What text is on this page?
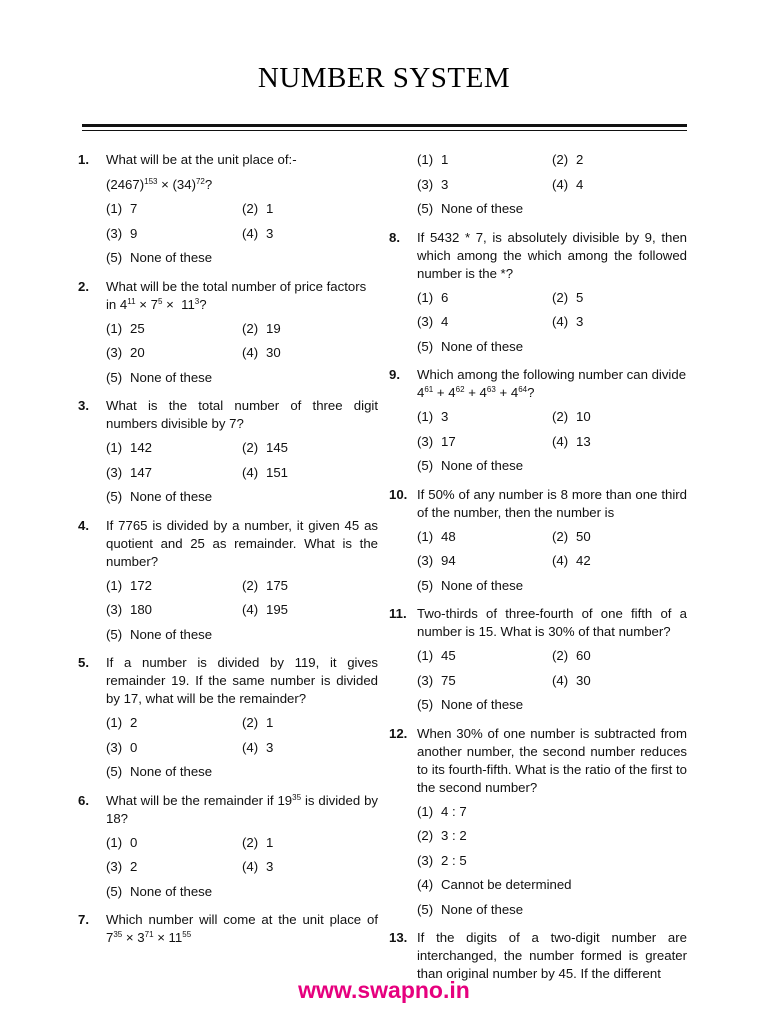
NUMBER SYSTEM
1. What will be at the unit place of:-
$(2467)^{153} \times (34)^{72}$?
(1) 7	(2) 1
(3) 9	(4) 3
(5) None of these
2. What will be the total number of price factors in $4^{11} \times 7^5 \times 11^3$?
(1) 25	(2) 19
(3) 20	(4) 30
(5) None of these
3. What is the total number of three digit numbers divisible by 7?
(1) 142	(2) 145
(3) 147	(4) 151
(5) None of these
4. If 7765 is divided by a number, it given 45 as quotient and 25 as remainder. What is the number?
(1) 172	(2) 175
(3) 180	(4) 195
(5) None of these
5. If a number is divided by 119, it gives remainder 19. If the same number is divided by 17, what will be the remainder?
(1) 2	(2) 1
(3) 0	(4) 3
(5) None of these
6. What will be the remainder if $19^{35}$ is divided by 18?
(1) 0	(2) 1
(3) 2	(4) 3
(5) None of these
7. Which number will come at the unit place of $7^{35} \times 3^{71} \times 11^{55}$
(1) 1	(2) 2
(3) 3	(4) 4
(5) None of these
8. If 5432 * 7, is absolutely divisible by 9, then which among the which among the followed number is the *?
(1) 6	(2) 5
(3) 4	(4) 3
(5) None of these
9. Which among the following number can divide $4^{61} + 4^{62} + 4^{63} + 4^{64}$?
(1) 3	(2) 10
(3) 17	(4) 13
(5) None of these
10. If 50% of any number is 8 more than one third of the number, then the number is
(1) 48	(2) 50
(3) 94	(4) 42
(5) None of these
11. Two-thirds of three-fourth of one fifth of a number is 15. What is 30% of that number?
(1) 45	(2) 60
(3) 75	(4) 30
(5) None of these
12. When 30% of one number is subtracted from another number, the second number reduces to its fourth-fifth. What is the ratio of the first to the second number?
(1) 4 : 7
(2) 3 : 2
(3) 2 : 5
(4) Cannot be determined
(5) None of these
13. If the digits of a two-digit number are interchanged, the number formed is greater than original number by 45. If the different
www.swapno.in
